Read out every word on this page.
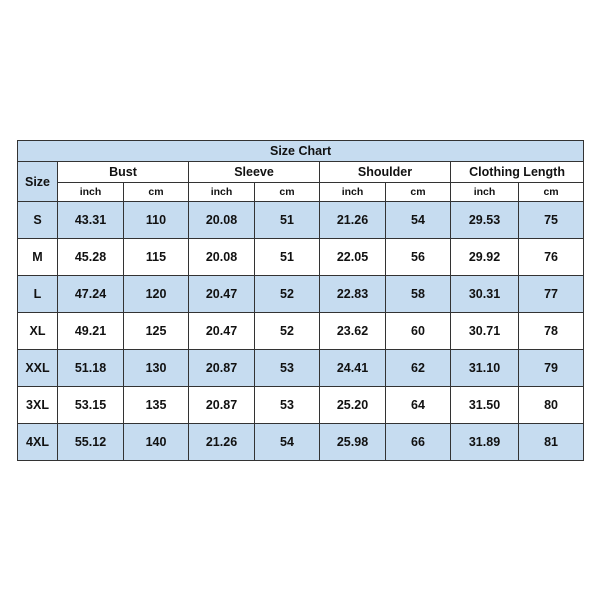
Size Chart								
Size	Bust		Sleeve		Shoulder		Clothing Length	
	inch	cm	inch	cm	inch	cm	inch	cm
S	43.31	110	20.08	51	21.26	54	29.53	75
M	45.28	115	20.08	51	22.05	56	29.92	76
L	47.24	120	20.47	52	22.83	58	30.31	77
XL	49.21	125	20.47	52	23.62	60	30.71	78
XXL	51.18	130	20.87	53	24.41	62	31.10	79
3XL	53.15	135	20.87	53	25.20	64	31.50	80
4XL	55.12	140	21.26	54	25.98	66	31.89	81
